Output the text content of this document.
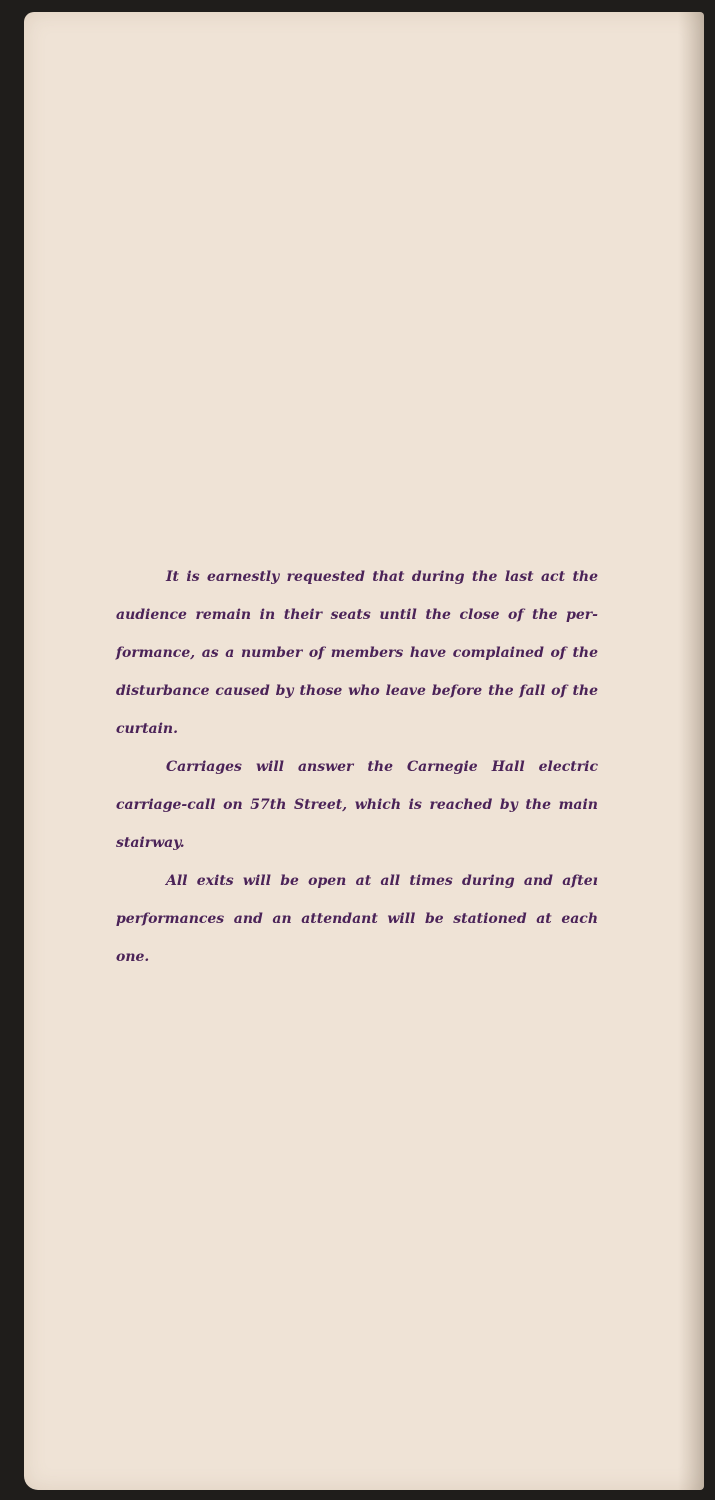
It is earnestly requested that during the last act the audience remain in their seats until the close of the per- formance, as a number of members have complained of the disturbance caused by those who leave before the fall of the curtain.

Carriages will answer the Carnegie Hall electric carriage-call on 57th Street, which is reached by the main stairway.

All exits will be open at all times during and afteı performances and an attendant will be stationed at each one.
